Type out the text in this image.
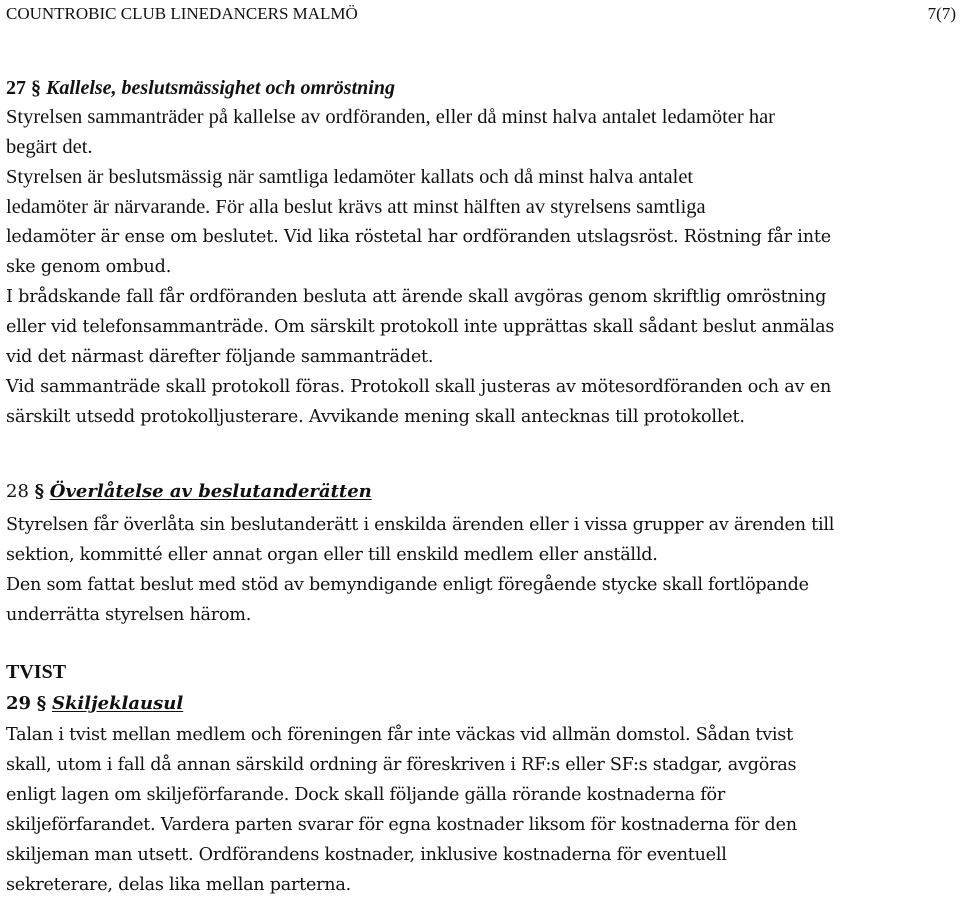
COUNTROBIC CLUB LINEDANCERS MALMÖ	7(7)
27 § Kallelse, beslutsmässighet och omröstning
Styrelsen sammanträder på kallelse av ordföranden, eller då minst halva antalet ledamöter har
begärt det.
Styrelsen är beslutsmässig när samtliga ledamöter kallats och då minst halva antalet
ledamöter är närvarande. För alla beslut krävs att minst hälften av styrelsens samtliga
ledamöter är ense om beslutet. Vid lika röstetal har ordföranden utslagsröst. Röstning får inte
ske genom ombud.
I brådskande fall får ordföranden besluta att ärende skall avgöras genom skriftlig omröstning
eller vid telefonsammanträde. Om särskilt protokoll inte upprättas skall sådant beslut anmälas
vid det närmast därefter följande sammanträdet.
Vid sammanträde skall protokoll föras. Protokoll skall justeras av mötesordföranden och av en
särskilt utsedd protokolljusterare. Avvikande mening skall antecknas till protokollet.
28 § Överlåtelse av beslutanderätten
Styrelsen får överlåta sin beslutanderätt i enskilda ärenden eller i vissa grupper av ärenden till
sektion, kommitté eller annat organ eller till enskild medlem eller anställd.
Den som fattat beslut med stöd av bemyndigande enligt föregående stycke skall fortlöpande
underrätta styrelsen härom.
TVIST
29 § Skiljeklausul
Talan i tvist mellan medlem och föreningen får inte väckas vid allmän domstol. Sådan tvist
skall, utom i fall då annan särskild ordning är föreskriven i RF:s eller SF:s stadgar, avgöras
enligt lagen om skiljeförfarande. Dock skall följande gälla rörande kostnaderna för
skiljeförfarandet. Vardera parten svarar för egna kostnader liksom för kostnaderna för den
skiljeman man utsett. Ordförandens kostnader, inklusive kostnaderna för eventuell
sekreterare, delas lika mellan parterna.
